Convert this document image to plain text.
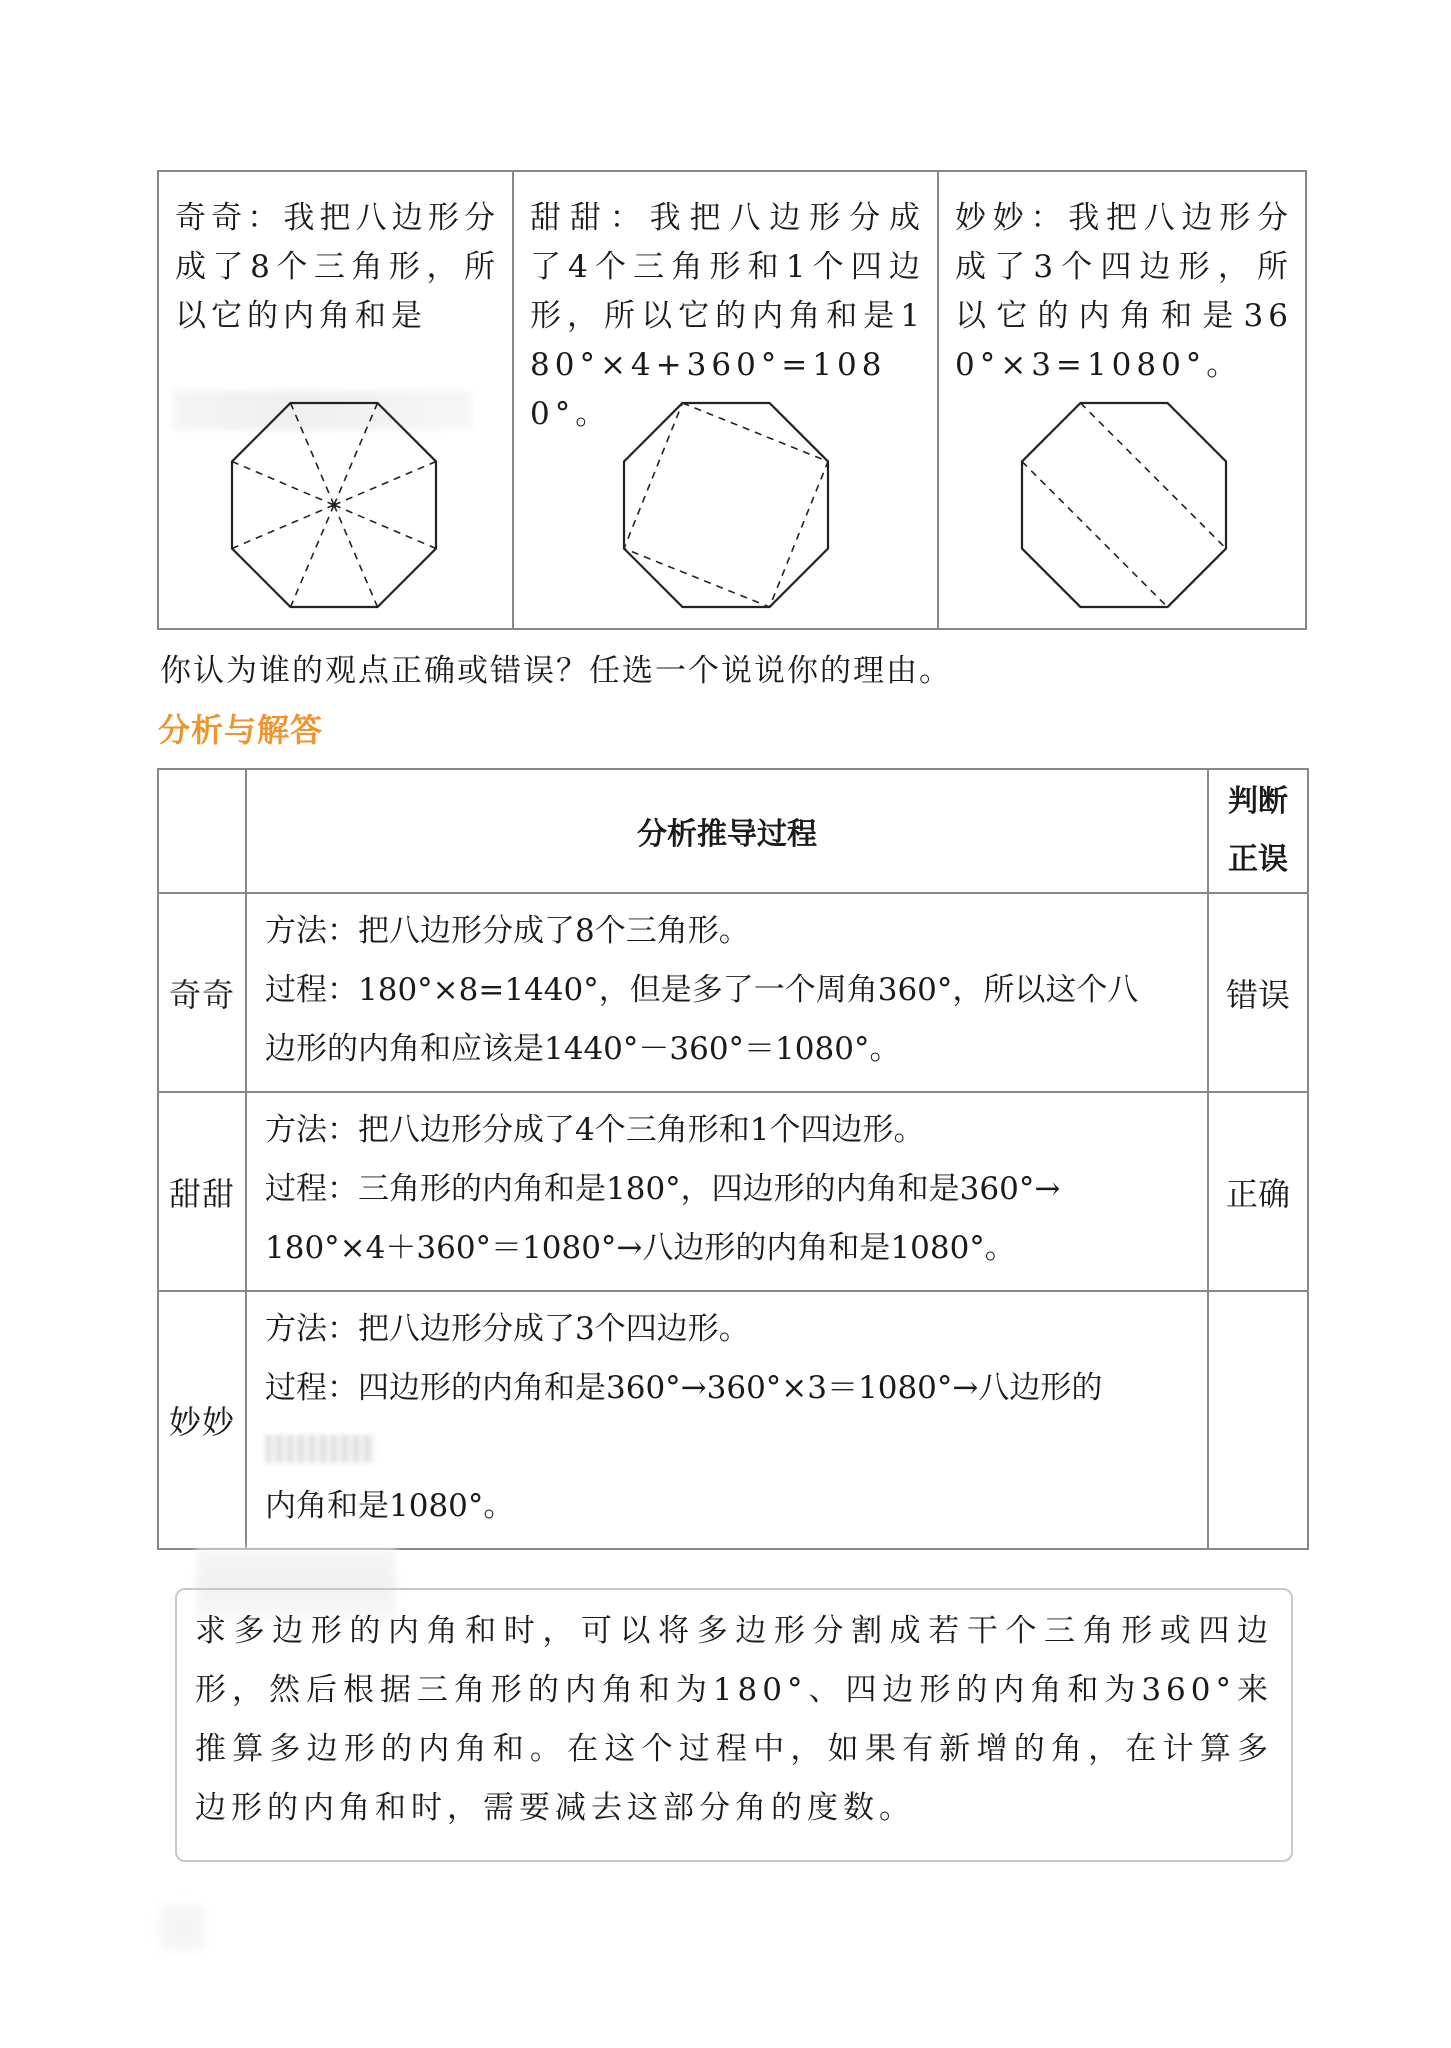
奇奇：我把八边形分成了8个三角形，所以它的内角和是
甜甜：我把八边形分成了4个三角形和1个四边形，所以它的内角和是180°×4+360°=1080°。
妙妙：我把八边形分成了3个四边形，所以它的内角和是360°×3=1080°。
你认为谁的观点正确或错误？任选一个说说你的理由。
分析与解答
	分析推导过程	判断
正误
奇奇	方法：把八边形分成了8个三角形。
过程：180°×8=1440°，但是多了一个周角360°，所以这个八
边形的内角和应该是1440°－360°＝1080°。	错误
甜甜	方法：把八边形分成了4个三角形和1个四边形。
过程：三角形的内角和是180°，四边形的内角和是360°→
180°×4＋360°＝1080°→八边形的内角和是1080°。	正确
妙妙	方法：把八边形分成了3个四边形。
过程：四边形的内角和是360°→360°×3＝1080°→八边形的
内角和是1080°。	

求多边形的内角和时，可以将多边形分割成若干个三角形或四边形，然后根据三角形的内角和为180°、四边形的内角和为360°来推算多边形的内角和。在这个过程中，如果有新增的角，在计算多边形的内角和时，需要减去这部分角的度数。
